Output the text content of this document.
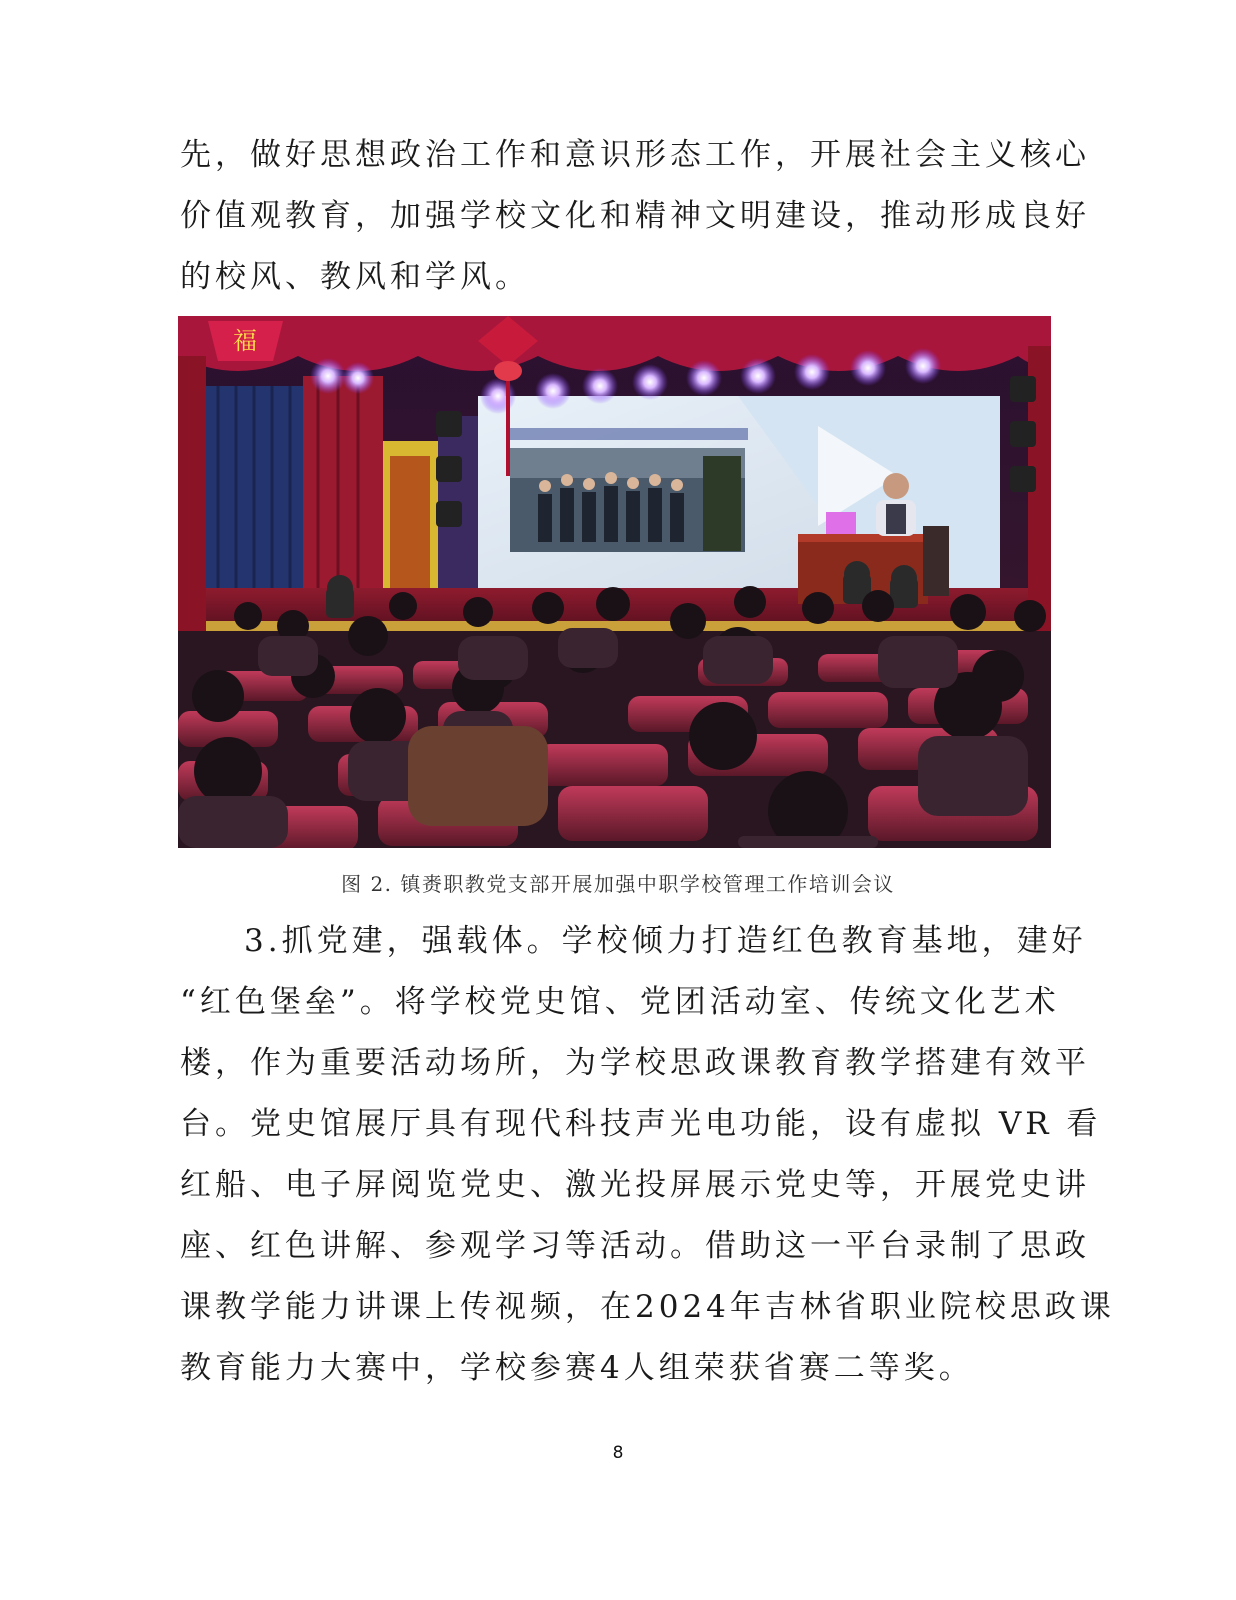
先，做好思想政治工作和意识形态工作，开展社会主义核心
价值观教育，加强学校文化和精神文明建设，推动形成良好
的校风、教风和学风。
福
图 2. 镇赉职教党支部开展加强中职学校管理工作培训会议
3.抓党建，强载体。学校倾力打造红色教育基地，建好
“红色堡垒”。将学校党史馆、党团活动室、传统文化艺术
楼，作为重要活动场所，为学校思政课教育教学搭建有效平
台。党史馆展厅具有现代科技声光电功能，设有虚拟 VR 看
红船、电子屏阅览党史、激光投屏展示党史等，开展党史讲
座、红色讲解、参观学习等活动。借助这一平台录制了思政
课教学能力讲课上传视频，在2024年吉林省职业院校思政课
教育能力大赛中，学校参赛4人组荣获省赛二等奖。
8
